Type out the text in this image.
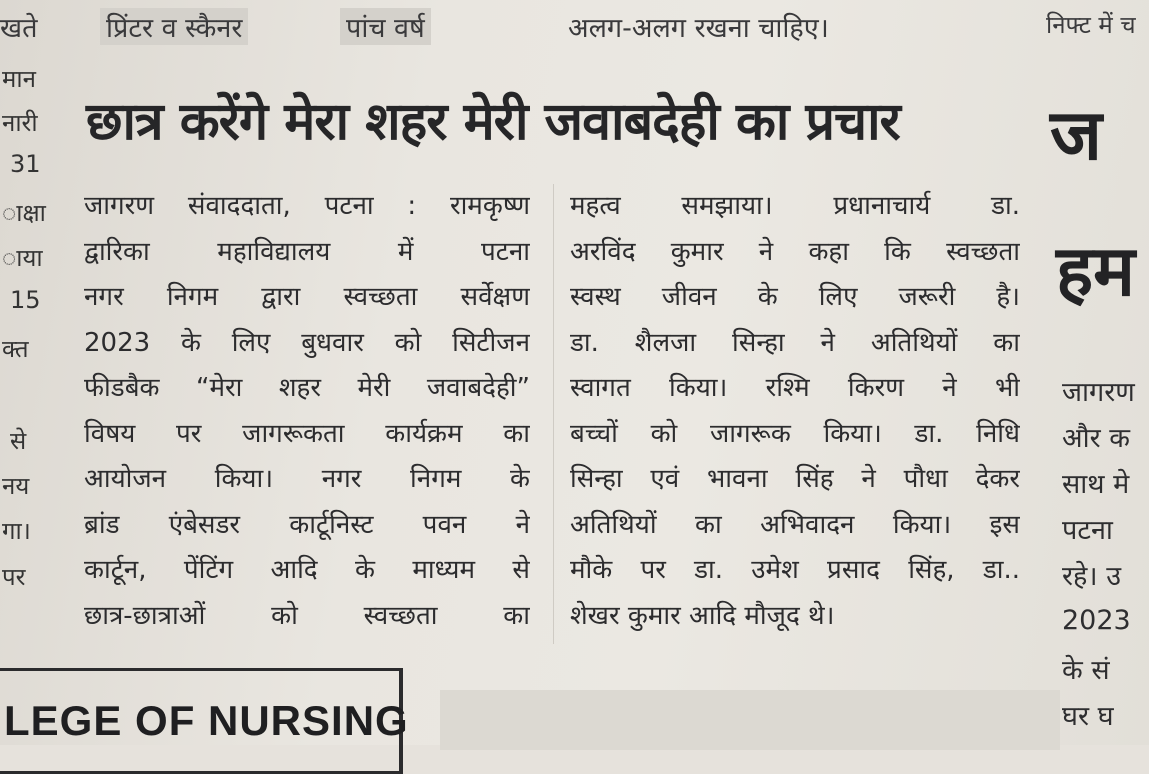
खते	प्रिंटर व स्कैनर	पांच वर्ष	अलग-अलग रखना चाहिए।	निफ्ट में च
मान
नारी
31
ाक्षा
ाया
15
क्त
से
नय
गा।
पर
छात्र करेंगे मेरा शहर मेरी जवाबदेही का प्रचार
जागरण संवाददाता, पटना : रामकृष्ण
द्वारिका महाविद्यालय में पटना
नगर निगम द्वारा स्वच्छता सर्वेक्षण
2023 के लिए बुधवार को सिटीजन
फीडबैक “मेरा शहर मेरी जवाबदेही”
विषय पर जागरूकता कार्यक्रम का
आयोजन किया। नगर निगम के
ब्रांड एंबेसडर कार्टूनिस्ट पवन ने
कार्टून, पेंटिंग आदि के माध्यम से
छात्र-छात्राओं को स्वच्छता का
महत्व समझाया। प्रधानाचार्य डा.
अरविंद कुमार ने कहा कि स्वच्छता
स्वस्थ जीवन के लिए जरूरी है।
डा. शैलजा सिन्हा ने अतिथियों का
स्वागत किया। रश्मि किरण ने भी
बच्चों को जागरूक किया। डा. निधि
सिन्हा एवं भावना सिंह ने पौधा देकर
अतिथियों का अभिवादन किया। इस
मौके पर डा. उमेश प्रसाद सिंह, डा..
शेखर कुमार आदि मौजूद थे।
ज
हम
जागरण
और क
साथ मे
पटना
रहे। उ
2023
के सं
घर घ
LEGE OF NURSING
